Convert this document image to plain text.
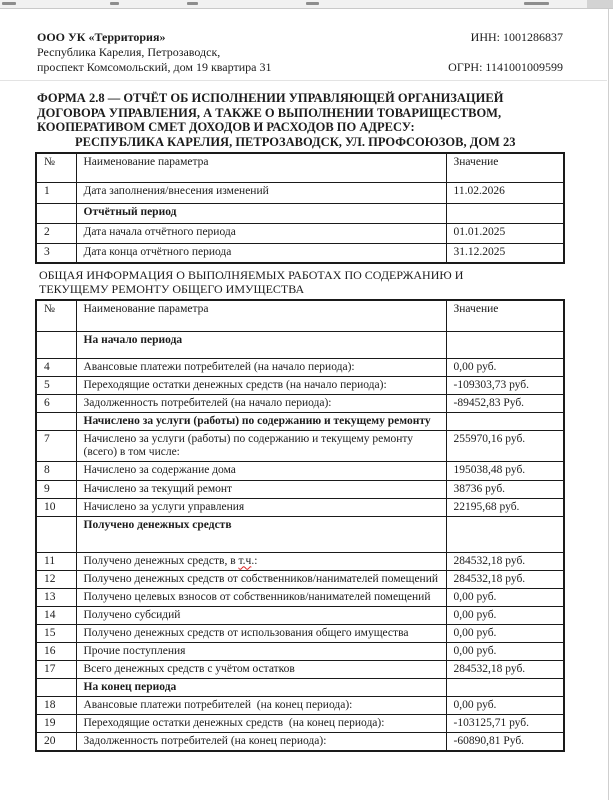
ООО УК «Территория»
Республика Карелия, Петрозаводск,
проспект Комсомольский, дом 19 квартира 31
ИНН: 1001286837
ОГРН: 1141001009599
ФОРМА 2.8 — ОТЧЁТ ОБ ИСПОЛНЕНИИ УПРАВЛЯЮЩЕЙ ОРГАНИЗАЦИЕЙ
ДОГОВОРА УПРАВЛЕНИЯ, А ТАКЖЕ О ВЫПОЛНЕНИИ ТОВАРИЩЕСТВОМ,
КООПЕРАТИВОМ СМЕТ ДОХОДОВ И РАСХОДОВ ПО АДРЕСУ:
РЕСПУБЛИКА КАРЕЛИЯ, ПЕТРОЗАВОДСК, УЛ. ПРОФСОЮЗОВ, ДОМ 23
№	Наименование параметра	Значение
1	Дата заполнения/внесения изменений	11.02.2026
	Отчётный период	
2	Дата начала отчётного периода	01.01.2025
3	Дата конца отчётного периода	31.12.2025
ОБЩАЯ ИНФОРМАЦИЯ О ВЫПОЛНЯЕМЫХ РАБОТАХ ПО СОДЕРЖАНИЮ И
ТЕКУЩЕМУ РЕМОНТУ ОБЩЕГО ИМУЩЕСТВА
№	Наименование параметра	Значение
	На начало периода	
4	Авансовые платежи потребителей (на начало периода):	0,00 руб.
5	Переходящие остатки денежных средств (на начало периода):	-109303,73 руб.
6	Задолженность потребителей (на начало периода):	-89452,83 Руб.
	Начислено за услуги (работы) по содержанию и текущему ремонту	
7	Начислено за услуги (работы) по содержанию и текущему ремонту (всего) в том числе:	255970,16 руб.
8	Начислено за содержание дома	195038,48 руб.
9	Начислено за текущий ремонт	38736 руб.
10	Начислено за услуги управления	22195,68 руб.
	Получено денежных средств	
11	Получено денежных средств, в т.ч.:	284532,18 руб.
12	Получено денежных средств от собственников/нанимателей помещений	284532,18 руб.
13	Получено целевых взносов от собственников/нанимателей помещений	0,00 руб.
14	Получено субсидий	0,00 руб.
15	Получено денежных средств от использования общего имущества	0,00 руб.
16	Прочие поступления	0,00 руб.
17	Всего денежных средств с учётом остатков	284532,18 руб.
	На конец периода	
18	Авансовые платежи потребителей  (на конец периода):	0,00 руб.
19	Переходящие остатки денежных средств  (на конец периода):	-103125,71 руб.
20	Задолженность потребителей (на конец периода):	-60890,81 Руб.
